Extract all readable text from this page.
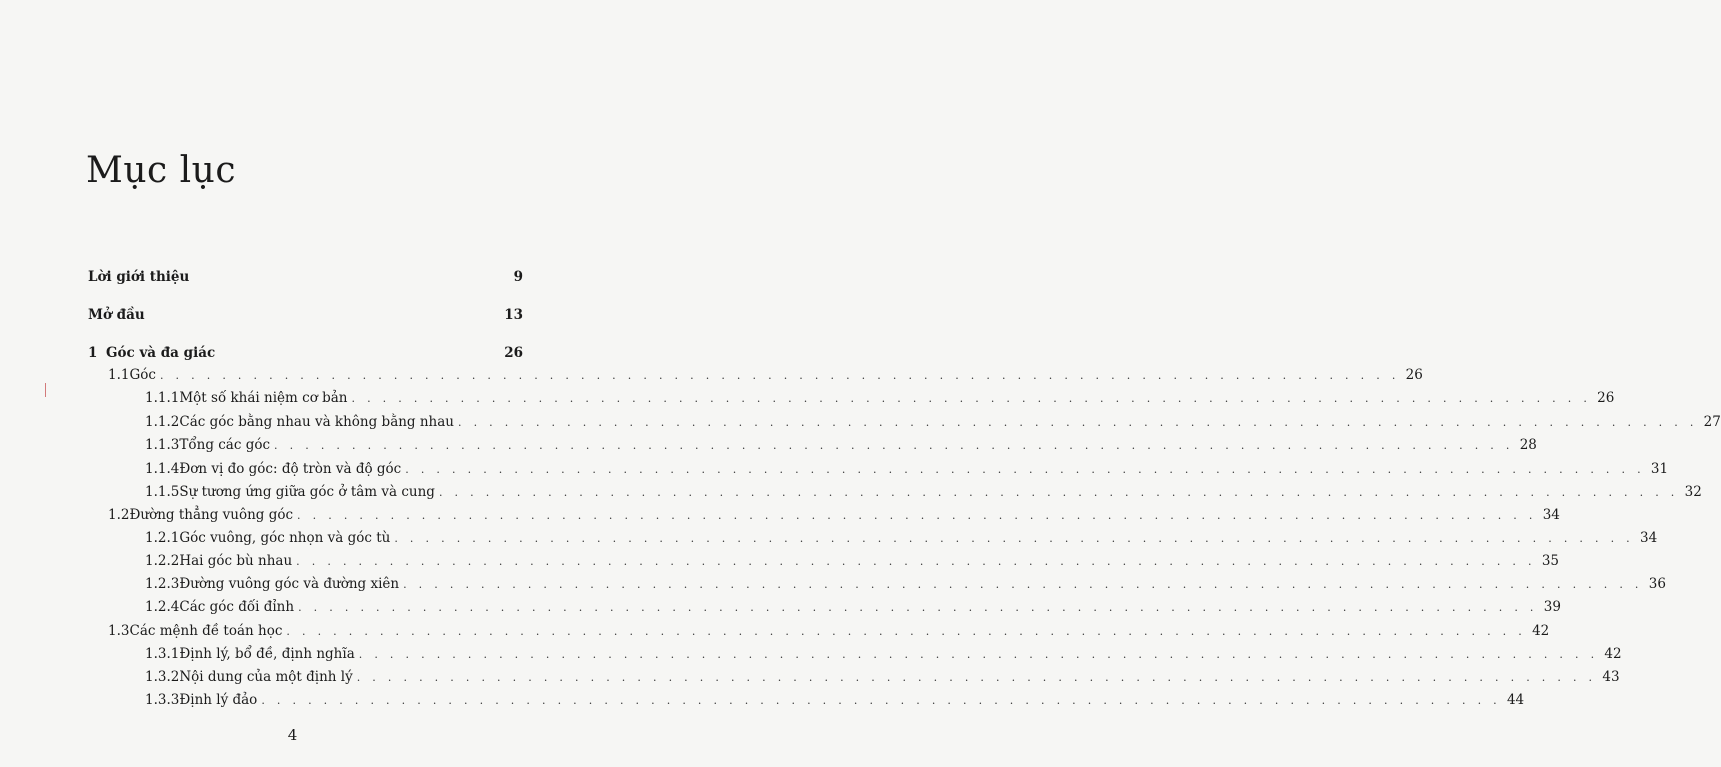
Mục lục
Lời giới thiệu	9
Mở đầu	13
1 Góc và đa giác	26
1.1 Góc . . . . . . . . . . . . . . . . . . . . . . . . . . . . . . . . . . . . . . . . . . . . . . . . . . . . . . . . . . . . . . . . . . . . . . . . . . . . . . . . 26
1.1.1 Một số khái niệm cơ bản . . . . . . . . . . . . . . . . . . . . . . . . . . . . . . . . . . . . . . . . . . . . . . . . . . . . . . . . . . . . . . . . . . . . . . . . . . . . . . . . 26
1.1.2 Các góc bằng nhau và không bằng nhau . . . . . . . . . . . . . . . . . . . . . . . . . . . . . . . . . . . . . . . . . . . . . . . . . . . . . . . . . . . . . . . . . . . . . . . . . . . . . . . . 27
1.1.3 Tổng các góc . . . . . . . . . . . . . . . . . . . . . . . . . . . . . . . . . . . . . . . . . . . . . . . . . . . . . . . . . . . . . . . . . . . . . . . . . . . . . . . . 28
1.1.4 Đơn vị đo góc: độ tròn và độ góc . . . . . . . . . . . . . . . . . . . . . . . . . . . . . . . . . . . . . . . . . . . . . . . . . . . . . . . . . . . . . . . . . . . . . . . . . . . . . . . . 31
1.1.5 Sự tương ứng giữa góc ở tâm và cung . . . . . . . . . . . . . . . . . . . . . . . . . . . . . . . . . . . . . . . . . . . . . . . . . . . . . . . . . . . . . . . . . . . . . . . . . . . . . . . . 32
1.2 Đường thẳng vuông góc . . . . . . . . . . . . . . . . . . . . . . . . . . . . . . . . . . . . . . . . . . . . . . . . . . . . . . . . . . . . . . . . . . . . . . . . . . . . . . . . 34
1.2.1 Góc vuông, góc nhọn và góc tù . . . . . . . . . . . . . . . . . . . . . . . . . . . . . . . . . . . . . . . . . . . . . . . . . . . . . . . . . . . . . . . . . . . . . . . . . . . . . . . . 34
1.2.2 Hai góc bù nhau . . . . . . . . . . . . . . . . . . . . . . . . . . . . . . . . . . . . . . . . . . . . . . . . . . . . . . . . . . . . . . . . . . . . . . . . . . . . . . . . 35
1.2.3 Đường vuông góc và đường xiên . . . . . . . . . . . . . . . . . . . . . . . . . . . . . . . . . . . . . . . . . . . . . . . . . . . . . . . . . . . . . . . . . . . . . . . . . . . . . . . . 36
1.2.4 Các góc đối đỉnh . . . . . . . . . . . . . . . . . . . . . . . . . . . . . . . . . . . . . . . . . . . . . . . . . . . . . . . . . . . . . . . . . . . . . . . . . . . . . . . . 39
1.3 Các mệnh đề toán học . . . . . . . . . . . . . . . . . . . . . . . . . . . . . . . . . . . . . . . . . . . . . . . . . . . . . . . . . . . . . . . . . . . . . . . . . . . . . . . . 42
1.3.1 Định lý, bổ đề, định nghĩa . . . . . . . . . . . . . . . . . . . . . . . . . . . . . . . . . . . . . . . . . . . . . . . . . . . . . . . . . . . . . . . . . . . . . . . . . . . . . . . . 42
1.3.2 Nội dung của một định lý . . . . . . . . . . . . . . . . . . . . . . . . . . . . . . . . . . . . . . . . . . . . . . . . . . . . . . . . . . . . . . . . . . . . . . . . . . . . . . . . 43
1.3.3 Định lý đảo . . . . . . . . . . . . . . . . . . . . . . . . . . . . . . . . . . . . . . . . . . . . . . . . . . . . . . . . . . . . . . . . . . . . . . . . . . . . . . . . 44
4
